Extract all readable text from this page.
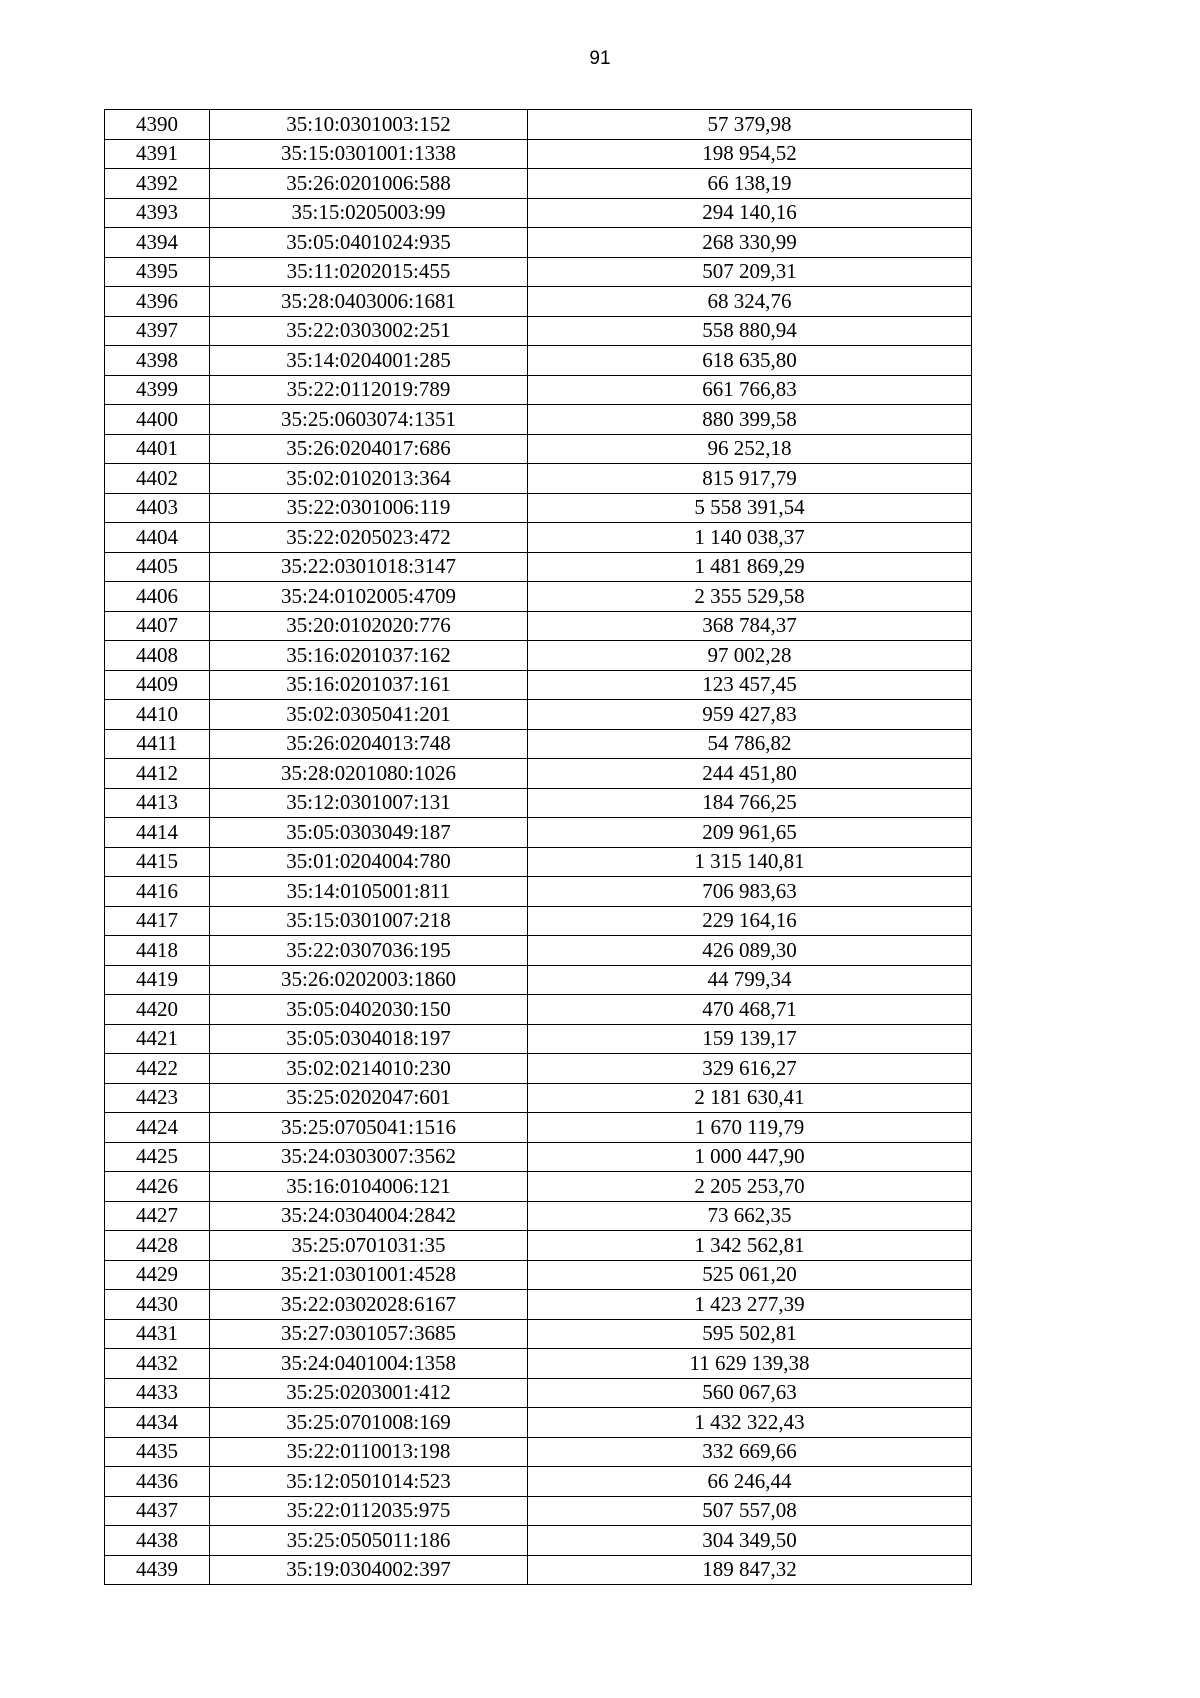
91
4390	35:10:0301003:152	57 379,98
4391	35:15:0301001:1338	198 954,52
4392	35:26:0201006:588	66 138,19
4393	35:15:0205003:99	294 140,16
4394	35:05:0401024:935	268 330,99
4395	35:11:0202015:455	507 209,31
4396	35:28:0403006:1681	68 324,76
4397	35:22:0303002:251	558 880,94
4398	35:14:0204001:285	618 635,80
4399	35:22:0112019:789	661 766,83
4400	35:25:0603074:1351	880 399,58
4401	35:26:0204017:686	96 252,18
4402	35:02:0102013:364	815 917,79
4403	35:22:0301006:119	5 558 391,54
4404	35:22:0205023:472	1 140 038,37
4405	35:22:0301018:3147	1 481 869,29
4406	35:24:0102005:4709	2 355 529,58
4407	35:20:0102020:776	368 784,37
4408	35:16:0201037:162	97 002,28
4409	35:16:0201037:161	123 457,45
4410	35:02:0305041:201	959 427,83
4411	35:26:0204013:748	54 786,82
4412	35:28:0201080:1026	244 451,80
4413	35:12:0301007:131	184 766,25
4414	35:05:0303049:187	209 961,65
4415	35:01:0204004:780	1 315 140,81
4416	35:14:0105001:811	706 983,63
4417	35:15:0301007:218	229 164,16
4418	35:22:0307036:195	426 089,30
4419	35:26:0202003:1860	44 799,34
4420	35:05:0402030:150	470 468,71
4421	35:05:0304018:197	159 139,17
4422	35:02:0214010:230	329 616,27
4423	35:25:0202047:601	2 181 630,41
4424	35:25:0705041:1516	1 670 119,79
4425	35:24:0303007:3562	1 000 447,90
4426	35:16:0104006:121	2 205 253,70
4427	35:24:0304004:2842	73 662,35
4428	35:25:0701031:35	1 342 562,81
4429	35:21:0301001:4528	525 061,20
4430	35:22:0302028:6167	1 423 277,39
4431	35:27:0301057:3685	595 502,81
4432	35:24:0401004:1358	11 629 139,38
4433	35:25:0203001:412	560 067,63
4434	35:25:0701008:169	1 432 322,43
4435	35:22:0110013:198	332 669,66
4436	35:12:0501014:523	66 246,44
4437	35:22:0112035:975	507 557,08
4438	35:25:0505011:186	304 349,50
4439	35:19:0304002:397	189 847,32
